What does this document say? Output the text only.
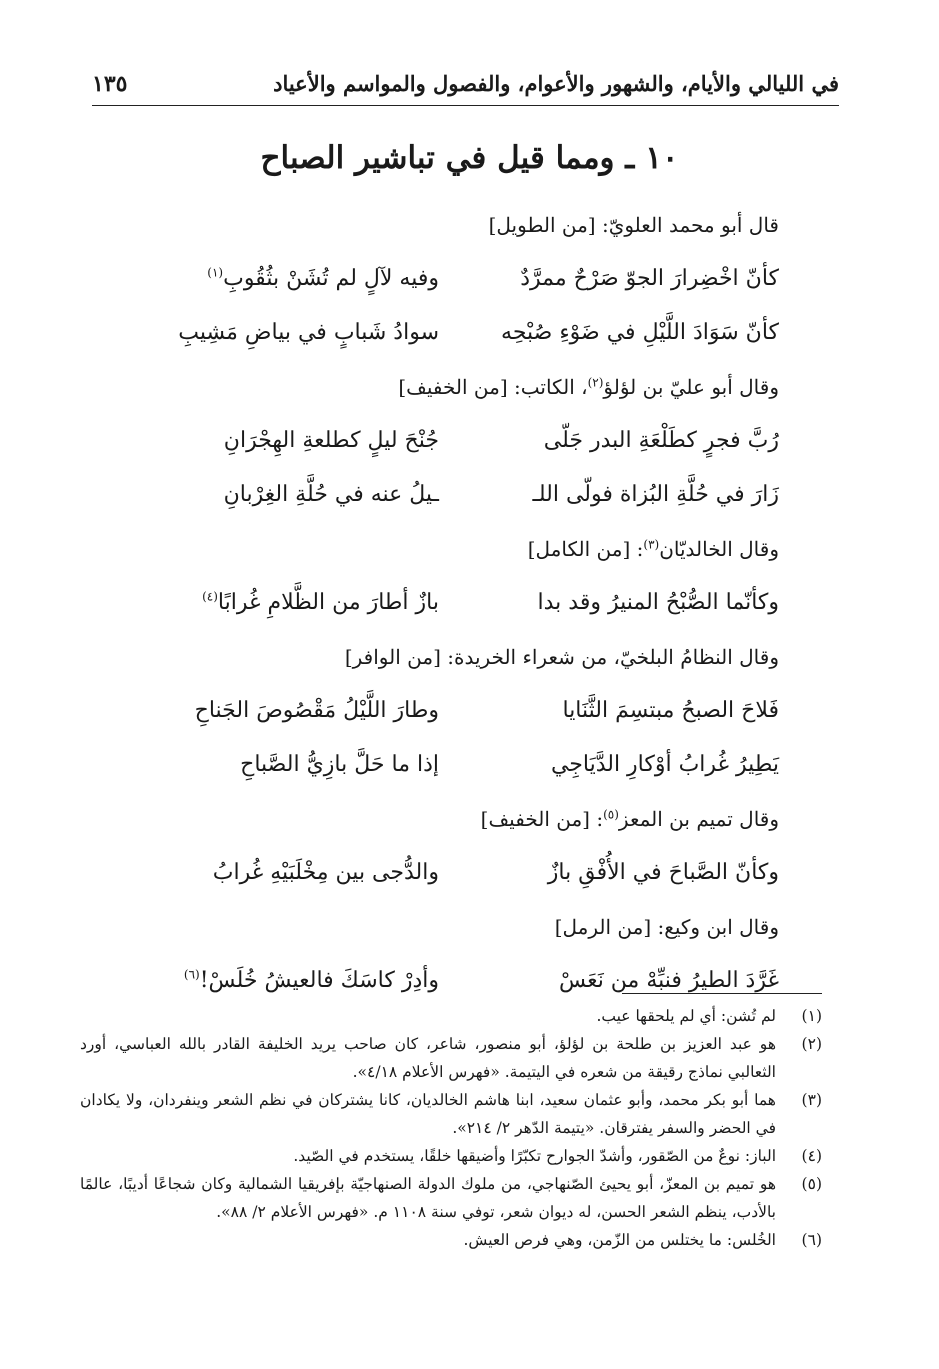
في الليالي والأيام، والشهور والأعوام، والفصول والمواسم والأعياد
١٣٥
١٠ ـ ومما قيل في تباشير الصباح
قال أبو محمد العلويّ: [من الطويل]
كأنّ اخْضِرارَ الجوّ صَرْحٌ ممرَّدٌ
وفيه لآلٍ لم تُشَنْ بثُقُوبِ$^{(١)}$
كأنّ سَوَادَ اللَّيْلِ في ضَوْءِ صُبْحِه
سوادُ شَبابٍ في بياضِ مَشِيبِ
وقال أبو عليّ بن لؤلؤ$^{(٢)}$، الكاتب: [من الخفيف]
رُبَّ فجرٍ كطَلْعَةِ البدر جَلّى
جُنْحَ ليلٍ كطلعةِ الهِجْرَانِ
زَارَ في حُلَّةِ البُزاة فولّى اللـ
ـيلُ عنه في حُلَّةِ الغِرْبانِ
وقال الخالديّان$^{(٣)}$: [من الكامل]
وكأنّما الصُّبْحُ المنيرُ وقد بدا
بازٌ أطارَ من الظَّلامِ غُرابًا$^{(٤)}$
وقال النظامُ البلخيّ، من شعراء الخريدة: [من الوافر]
فَلاحَ الصبحُ مبتسِمَ الثَّنَايا
وطارَ اللَّيْلُ مَقْصُوصَ الجَناحِ
يَطِيرُ غُرابُ أوْكارِ الدَّيَاجِي
إذا ما حَلَّ بازِيُّ الصَّباحِ
وقال تميم بن المعز$^{(٥)}$: [من الخفيف]
وكأنّ الصَّباحَ في الأُفْقِ بازٌ
والدُّجى بين مِخْلَبَيْهِ غُرابُ
وقال ابن وكيع: [من الرمل]
غَرَّدَ الطيرُ فنبِّهْ من نَعَسْ
وأدِرْ كاسَكَ فالعيشُ خُلَسْ!$^{(٦)}$
(١)
لم تُشن: أي لم يلحقها عيب.
(٢)
هو عبد العزيز بن طلحة بن لؤلؤ، أبو منصور، شاعر، كان صاحب يريد الخليفة القادر بالله العباسي، أورد الثعالبي نماذج رقيقة من شعره في اليتيمة. «فهرس الأعلام ٤/١٨».
(٣)
هما أبو بكر محمد، وأبو عثمان سعيد، ابنا هاشم الخالديان، كانا يشتركان في نظم الشعر وينفردان، ولا يكادان في الحضر والسفر يفترقان. «يتيمة الدّهر ٢/ ٢١٤».
(٤)
الباز: نوعٌ من الصّقور، وأشدّ الجوارح تكبّرًا وأضيقها خلقًا، يستخدم في الصّيد.
(٥)
هو تميم بن المعزّ، أبو يحيئ الصّنهاجي، من ملوك الدولة الصنهاجيّة بإفريقيا الشمالية وكان شجاعًا أديبًا، عالمًا بالأدب، ينظم الشعر الحسن، له ديوان شعر، توفي سنة ١١٠٨ م. «فهرس الأعلام ٢/ ٨٨».
(٦)
الخُلس: ما يختلس من الزّمن، وهي فرص العيش.
